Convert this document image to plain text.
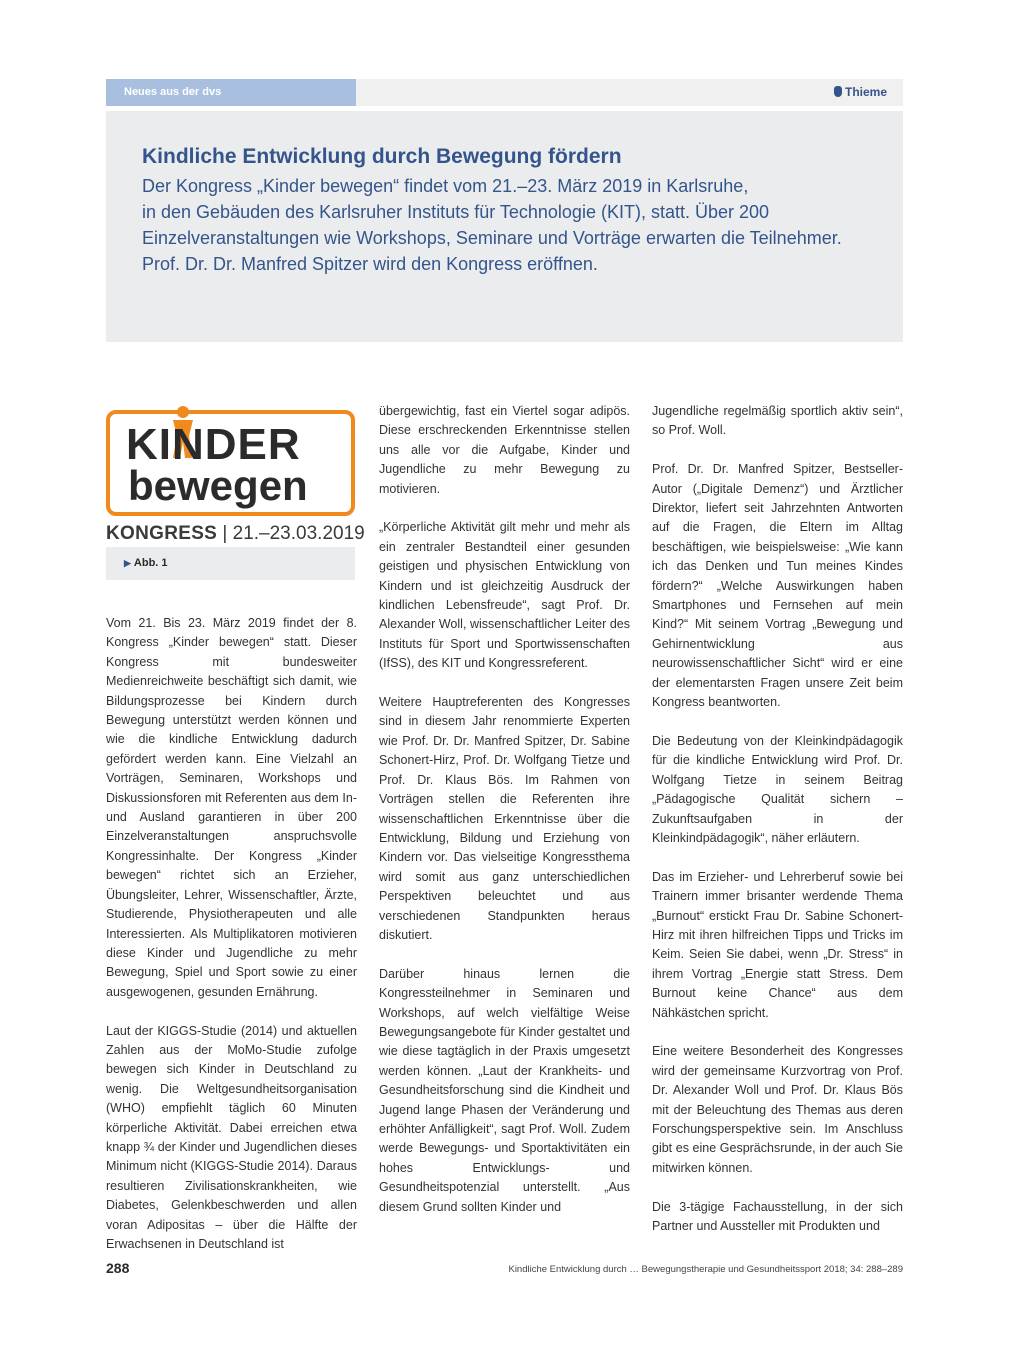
Neues aus der dvs	Thieme
Kindliche Entwicklung durch Bewegung fördern

Der Kongress „Kinder bewegen“ findet vom 21.–23. März 2019 in Karlsruhe,
in den Gebäuden des Karlsruher Instituts für Technologie (KIT), statt. Über 200
Einzelveranstaltungen wie Workshops, Seminare und Vorträge erwarten die Teilnehmer.
Prof. Dr. Dr. Manfred Spitzer wird den Kongress eröffnen.

KINDER
bewegen
KONGRESS | 21.–23.03.2019
▶ Abb. 1

Vom 21. Bis 23. März 2019 findet der 8. Kongress „Kinder bewegen“ statt. Dieser Kongress mit bundesweiter Medienreichweite beschäftigt sich damit, wie Bildungsprozesse bei Kindern durch Bewegung unterstützt werden können und wie die kindliche Entwicklung dadurch gefördert werden kann. Eine Vielzahl an Vorträgen, Seminaren, Workshops und Diskussionsforen mit Referenten aus dem In- und Ausland garantieren in über 200 Einzelveranstaltungen anspruchsvolle Kongressinhalte. Der Kongress „Kinder bewegen“ richtet sich an Erzieher, Übungsleiter, Lehrer, Wissenschaftler, Ärzte, Studierende, Physiotherapeuten und alle Interessierten. Als Multiplikatoren motivieren diese Kinder und Jugendliche zu mehr Bewegung, Spiel und Sport sowie zu einer ausgewogenen, gesunden Ernährung.

Laut der KIGGS-Studie (2014) und aktuellen Zahlen aus der MoMo-Studie zufolge bewegen sich Kinder in Deutschland zu wenig. Die Weltgesundheitsorganisation (WHO) empfiehlt täglich 60 Minuten körperliche Aktivität. Dabei erreichen etwa knapp ¾ der Kinder und Jugendlichen dieses Minimum nicht (KIGGS-Studie 2014). Daraus resultieren Zivilisationskrankheiten, wie Diabetes, Gelenkbeschwerden und allen voran Adipositas – über die Hälfte der Erwachsenen in Deutschland ist

übergewichtig, fast ein Viertel sogar adipös. Diese erschreckenden Erkenntnisse stellen uns alle vor die Aufgabe, Kinder und Jugendliche zu mehr Bewegung zu motivieren.

„Körperliche Aktivität gilt mehr und mehr als ein zentraler Bestandteil einer gesunden geistigen und physischen Entwicklung von Kindern und ist gleichzeitig Ausdruck der kindlichen Lebensfreude“, sagt Prof. Dr. Alexander Woll, wissenschaftlicher Leiter des Instituts für Sport und Sportwissenschaften (IfSS), des KIT und Kongressreferent.

Weitere Hauptreferenten des Kongresses sind in diesem Jahr renommierte Experten wie Prof. Dr. Dr. Manfred Spitzer, Dr. Sabine Schonert-Hirz, Prof. Dr. Wolfgang Tietze und Prof. Dr. Klaus Bös. Im Rahmen von Vorträgen stellen die Referenten ihre wissenschaftlichen Erkenntnisse über die Entwicklung, Bildung und Erziehung von Kindern vor. Das vielseitige Kongressthema wird somit aus ganz unterschiedlichen Perspektiven beleuchtet und aus verschiedenen Standpunkten heraus diskutiert.

Darüber hinaus lernen die Kongressteilnehmer in Seminaren und Workshops, auf welch vielfältige Weise Bewegungsangebote für Kinder gestaltet und wie diese tagtäglich in der Praxis umgesetzt werden können. „Laut der Krankheits- und Gesundheitsforschung sind die Kindheit und Jugend lange Phasen der Veränderung und erhöhter Anfälligkeit“, sagt Prof. Woll. Zudem werde Bewegungs- und Sportaktivitäten ein hohes Entwicklungs- und Gesundheitspotenzial unterstellt. „Aus diesem Grund sollten Kinder und

Jugendliche regelmäßig sportlich aktiv sein“, so Prof. Woll.

Prof. Dr. Dr. Manfred Spitzer, Bestseller-Autor („Digitale Demenz“) und Ärztlicher Direktor, liefert seit Jahrzehnten Antworten auf die Fragen, die Eltern im Alltag beschäftigen, wie beispielsweise: „Wie kann ich das Denken und Tun meines Kindes fördern?“ „Welche Auswirkungen haben Smartphones und Fernsehen auf mein Kind?“ Mit seinem Vortrag „Bewegung und Gehirnentwicklung aus neurowissenschaftlicher Sicht“ wird er eine der elementarsten Fragen unsere Zeit beim Kongress beantworten.

Die Bedeutung von der Kleinkindpädagogik für die kindliche Entwicklung wird Prof. Dr. Wolfgang Tietze in seinem Beitrag „Pädagogische Qualität sichern – Zukunftsaufgaben in der Kleinkindpädagogik“, näher erläutern.

Das im Erzieher- und Lehrerberuf sowie bei Trainern immer brisanter werdende Thema „Burnout“ erstickt Frau Dr. Sabine Schonert-Hirz mit ihren hilfreichen Tipps und Tricks im Keim. Seien Sie dabei, wenn „Dr. Stress“ in ihrem Vortrag „Energie statt Stress. Dem Burnout keine Chance“ aus dem Nähkästchen spricht.

Eine weitere Besonderheit des Kongresses wird der gemeinsame Kurzvortrag von Prof. Dr. Alexander Woll und Prof. Dr. Klaus Bös mit der Beleuchtung des Themas aus deren Forschungsperspektive sein. Im Anschluss gibt es eine Gesprächsrunde, in der auch Sie mitwirken können.

Die 3-tägige Fachausstellung, in der sich Partner und Aussteller mit Produkten und

288	Kindliche Entwicklung durch … Bewegungstherapie und Gesundheitssport 2018; 34: 288–289
